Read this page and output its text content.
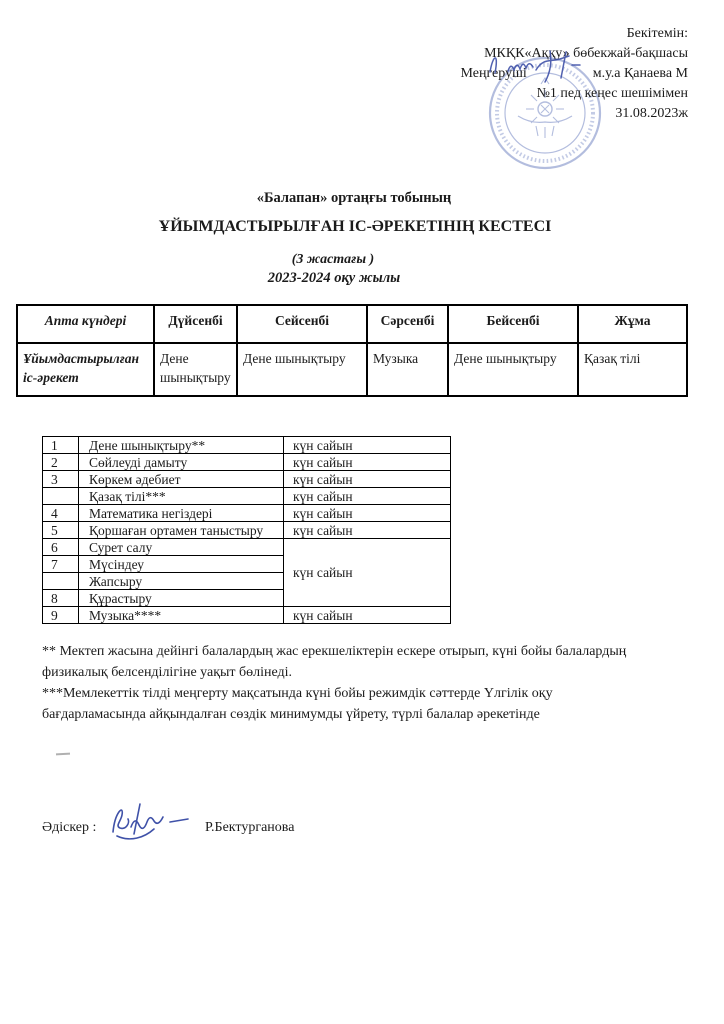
Бекітемін:
МКҚК«Аққу» бөбекжай-бақшасы
Меңгеруші	м.у.а Қанаева М
№1 пед кеңес шешімімен
31.08.2023ж
«Балапан» ортаңғы тобының
ҰЙЫМДАСТЫРЫЛҒАН ІС-ӘРЕКЕТІНІҢ КЕСТЕСІ
(3 жастағы )
2023-2024 оқу жылы
Апта күндері	Дүйсенбі	Сейсенбі	Сәрсенбі	Бейсенбі	Жұма
Ұйымдастырылған іс-әрекет	Дене шынықтыру	Дене шынықтыру	Музыка	Дене шынықтыру	Қазақ тілі
1	Дене шынықтыру**	күн сайын
2	Сөйлеуді дамыту	күн сайын
3	Көркем әдебиет	күн сайын
	Қазақ тілі***	күн сайын
4	Математика негіздері	күн сайын
5	Қоршаған ортамен таныстыру	күн сайын
6	Сурет салу	күн сайын
7	Мүсіндеу	
	Жапсыру	
8	Құрастыру	
9	Музыка****	күн сайын
** Мектеп жасына дейінгі балалардың жас ерекшеліктерін ескере отырып, күні бойы балалардың
физикалық белсенділігіне уақыт бөлінеді.
***Мемлекеттік тілді меңгерту мақсатында күні бойы режимдік сәттерде Үлгілік оқу
бағдарламасында айқындалған сөздік минимумды үйрету, түрлі балалар әрекетінде
Әдіскер :	Р.Бектурганова
